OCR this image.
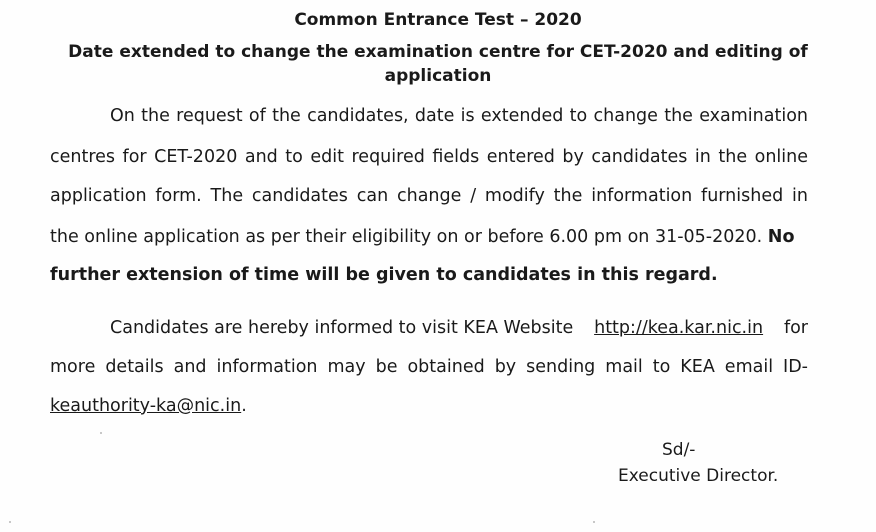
Common Entrance Test – 2020
Date extended to change the examination centre for CET-2020 and editing of
application
On the request of the candidates, date is extended to change the examination
centres for CET-2020 and to edit required fields entered by candidates in the online
application form. The candidates can change / modify the information furnished in
the online application as per their eligibility on or before 6.00 pm on 31-05-2020. No
further extension of time will be given to candidates in this regard.
Candidates are hereby informed to visit KEA Website http://kea.kar.nic.in for
more details and information may be obtained by sending mail to KEA email ID-
keauthority-ka@nic.in.
Sd/-
Executive Director.
